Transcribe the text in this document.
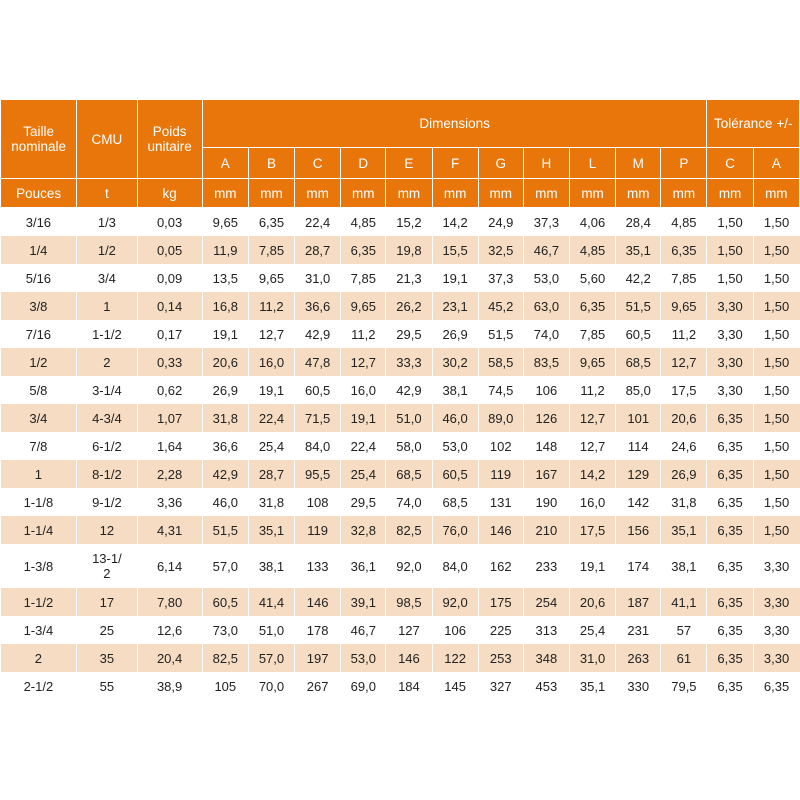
Taille nominale	CMU	Poids unitaire	Dimensions											Tolérance +/-	
			A	B	C	D	E	F	G	H	L	M	P	C	A
Pouces	t	kg	mm	mm	mm	mm	mm	mm	mm	mm	mm	mm	mm	mm	mm
3/16	1/3	0,03	9,65	6,35	22,4	4,85	15,2	14,2	24,9	37,3	4,06	28,4	4,85	1,50	1,50
1/4	1/2	0,05	11,9	7,85	28,7	6,35	19,8	15,5	32,5	46,7	4,85	35,1	6,35	1,50	1,50
5/16	3/4	0,09	13,5	9,65	31,0	7,85	21,3	19,1	37,3	53,0	5,60	42,2	7,85	1,50	1,50
3/8	1	0,14	16,8	11,2	36,6	9,65	26,2	23,1	45,2	63,0	6,35	51,5	9,65	3,30	1,50
7/16	1-1/2	0,17	19,1	12,7	42,9	11,2	29,5	26,9	51,5	74,0	7,85	60,5	11,2	3,30	1,50
1/2	2	0,33	20,6	16,0	47,8	12,7	33,3	30,2	58,5	83,5	9,65	68,5	12,7	3,30	1,50
5/8	3-1/4	0,62	26,9	19,1	60,5	16,0	42,9	38,1	74,5	106	11,2	85,0	17,5	3,30	1,50
3/4	4-3/4	1,07	31,8	22,4	71,5	19,1	51,0	46,0	89,0	126	12,7	101	20,6	6,35	1,50
7/8	6-1/2	1,64	36,6	25,4	84,0	22,4	58,0	53,0	102	148	12,7	114	24,6	6,35	1,50
1	8-1/2	2,28	42,9	28,7	95,5	25,4	68,5	60,5	119	167	14,2	129	26,9	6,35	1,50
1-1/8	9-1/2	3,36	46,0	31,8	108	29,5	74,0	68,5	131	190	16,0	142	31,8	6,35	1,50
1-1/4	12	4,31	51,5	35,1	119	32,8	82,5	76,0	146	210	17,5	156	35,1	6,35	1,50
1-3/8	13-1/2	6,14	57,0	38,1	133	36,1	92,0	84,0	162	233	19,1	174	38,1	6,35	3,30
1-1/2	17	7,80	60,5	41,4	146	39,1	98,5	92,0	175	254	20,6	187	41,1	6,35	3,30
1-3/4	25	12,6	73,0	51,0	178	46,7	127	106	225	313	25,4	231	57	6,35	3,30
2	35	20,4	82,5	57,0	197	53,0	146	122	253	348	31,0	263	61	6,35	3,30
2-1/2	55	38,9	105	70,0	267	69,0	184	145	327	453	35,1	330	79,5	6,35	6,35
